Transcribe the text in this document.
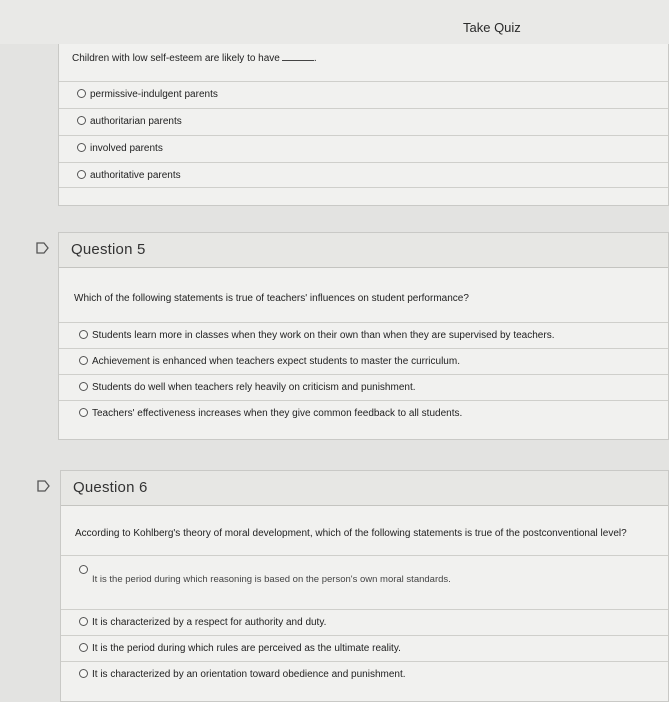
Take Quiz
Children with low self-esteem are likely to have	.
permissive-indulgent parents
authoritarian parents
involved parents
authoritative parents
Question 5
Which of the following statements is true of teachers' influences on student performance?
Students learn more in classes when they work on their own than when they are supervised by teachers.
Achievement is enhanced when teachers expect students to master the curriculum.
Students do well when teachers rely heavily on criticism and punishment.
Teachers' effectiveness increases when they give common feedback to all students.
Question 6
According to Kohlberg's theory of moral development, which of the following statements is true of the postconventional level?
It is the period during which reasoning is based on the person's own moral standards.
It is characterized by a respect for authority and duty.
It is the period during which rules are perceived as the ultimate reality.
It is characterized by an orientation toward obedience and punishment.
